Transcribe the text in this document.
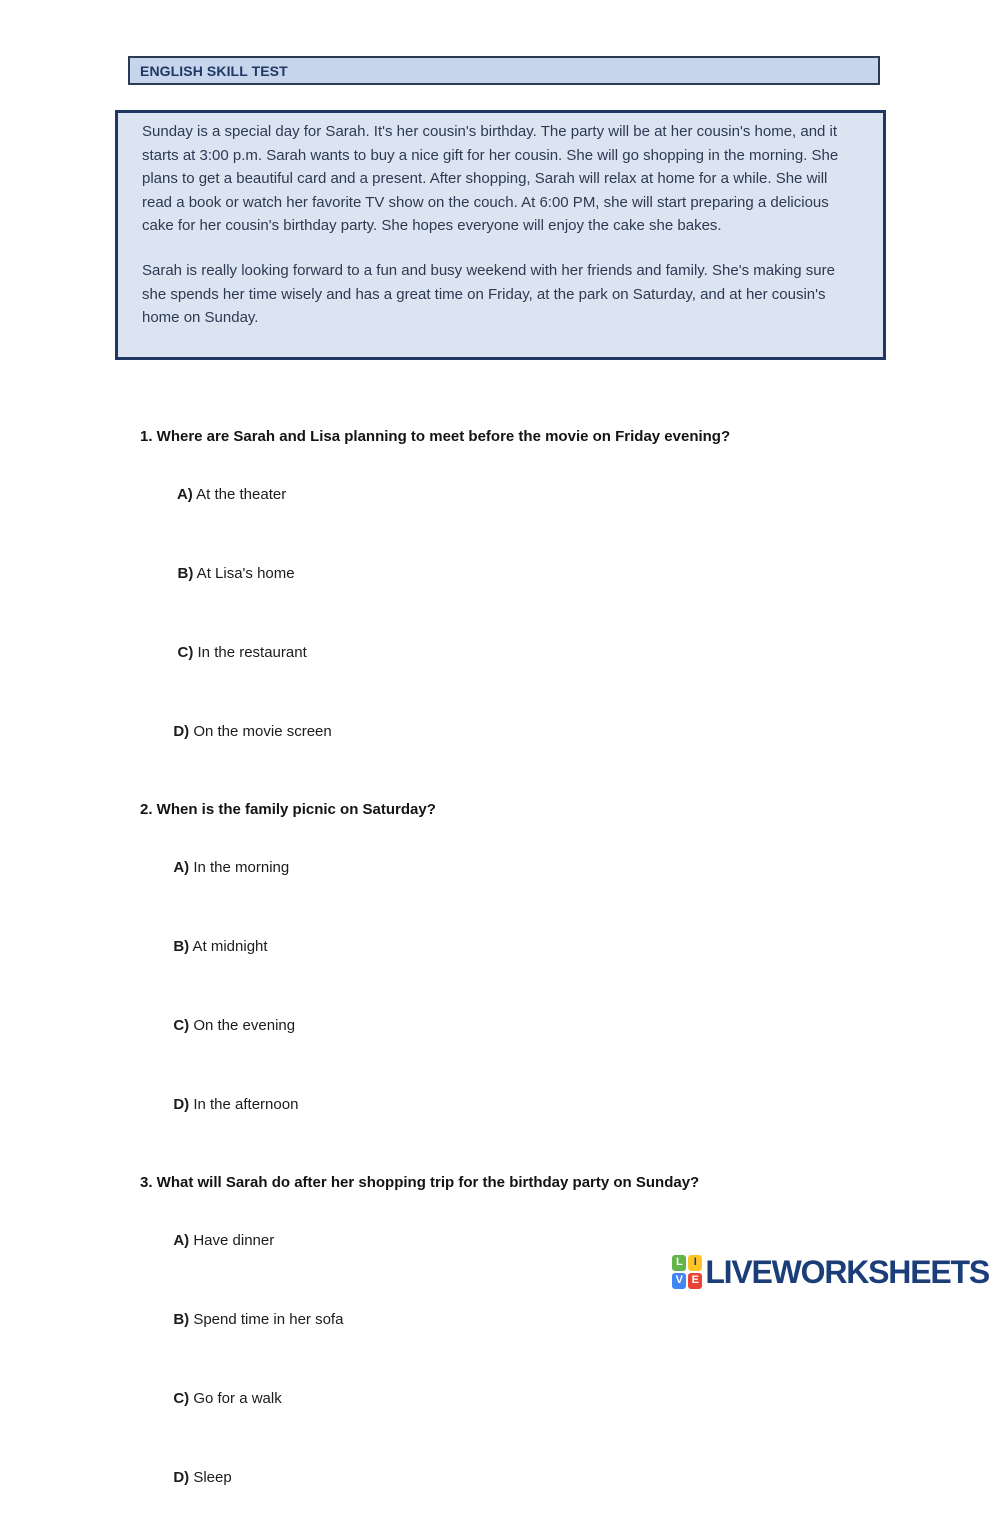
ENGLISH SKILL TEST

Sunday is a special day for Sarah. It's her cousin's birthday. The party will be at her cousin's home, and it starts at 3:00 p.m. Sarah wants to buy a nice gift for her cousin. She will go shopping in the morning. She plans to get a beautiful card and a present. After shopping, Sarah will relax at home for a while. She will read a book or watch her favorite TV show on the couch. At 6:00 PM, she will start preparing a delicious cake for her cousin's birthday party. She hopes everyone will enjoy the cake she bakes.

Sarah is really looking forward to a fun and busy weekend with her friends and family. She's making sure she spends her time wisely and has a great time on Friday, at the park on Saturday, and at her cousin's home on Sunday.

1. Where are Sarah and Lisa planning to meet before the movie on Friday evening?

A) At the theater

B) At Lisa's home

C) In the restaurant

D) On the movie screen

2. When is the family picnic on Saturday?

A) In the morning

B) At midnight

C) On the evening

D) In the afternoon

3. What will Sarah do after her shopping trip for the birthday party on Sunday?

A) Have dinner

B) Spend time in her sofa

C) Go for a walk

D) Sleep

L	I
V E LIVEWORKSHEETS
